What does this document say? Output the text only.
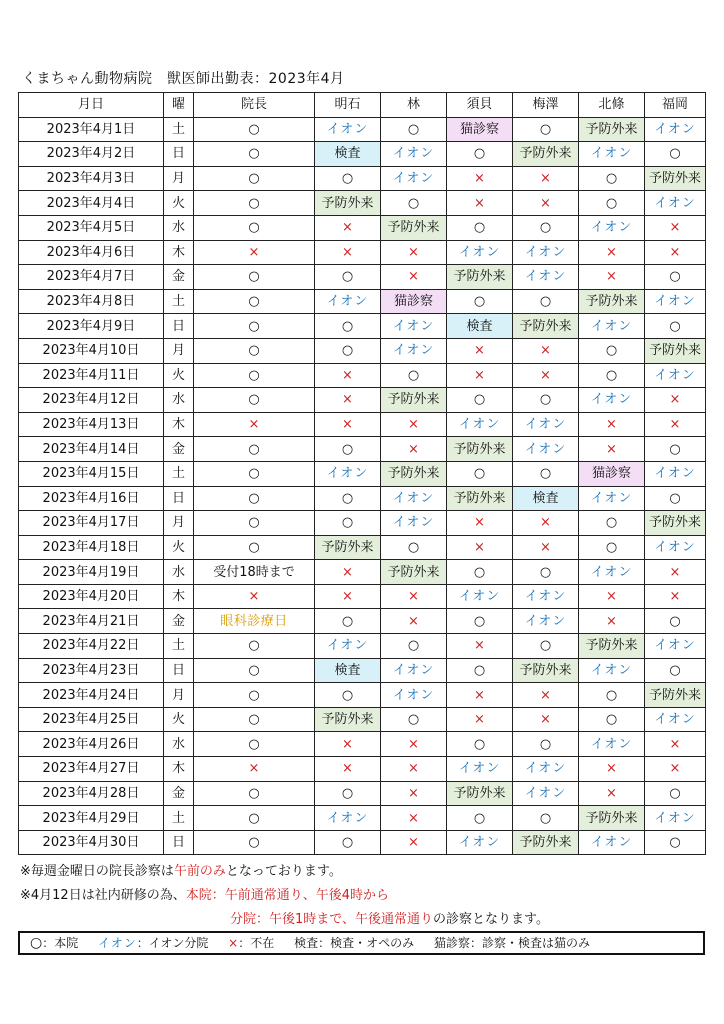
くまちゃん動物病院　獣医師出勤表：2023年4月
月日	曜	院長	明石	林	須貝	梅澤	北條	福岡
2023年4月1日	土	○	イオン	○	猫診察	○	予防外来	イオン
2023年4月2日	日	○	検査	イオン	○	予防外来	イオン	○
2023年4月3日	月	○	○	イオン	×	×	○	予防外来
2023年4月4日	火	○	予防外来	○	×	×	○	イオン
2023年4月5日	水	○	×	予防外来	○	○	イオン	×
2023年4月6日	木	×	×	×	イオン	イオン	×	×
2023年4月7日	金	○	○	×	予防外来	イオン	×	○
2023年4月8日	土	○	イオン	猫診察	○	○	予防外来	イオン
2023年4月9日	日	○	○	イオン	検査	予防外来	イオン	○
2023年4月10日	月	○	○	イオン	×	×	○	予防外来
2023年4月11日	火	○	×	○	×	×	○	イオン
2023年4月12日	水	○	×	予防外来	○	○	イオン	×
2023年4月13日	木	×	×	×	イオン	イオン	×	×
2023年4月14日	金	○	○	×	予防外来	イオン	×	○
2023年4月15日	土	○	イオン	予防外来	○	○	猫診察	イオン
2023年4月16日	日	○	○	イオン	予防外来	検査	イオン	○
2023年4月17日	月	○	○	イオン	×	×	○	予防外来
2023年4月18日	火	○	予防外来	○	×	×	○	イオン
2023年4月19日	水	受付18時まで	×	予防外来	○	○	イオン	×
2023年4月20日	木	×	×	×	イオン	イオン	×	×
2023年4月21日	金	眼科診療日	○	×	○	イオン	×	○
2023年4月22日	土	○	イオン	○	×	○	予防外来	イオン
2023年4月23日	日	○	検査	イオン	○	予防外来	イオン	○
2023年4月24日	月	○	○	イオン	×	×	○	予防外来
2023年4月25日	火	○	予防外来	○	×	×	○	イオン
2023年4月26日	水	○	×	×	○	○	イオン	×
2023年4月27日	木	×	×	×	イオン	イオン	×	×
2023年4月28日	金	○	○	×	予防外来	イオン	×	○
2023年4月29日	土	○	イオン	×	○	○	予防外来	イオン
2023年4月30日	日	○	○	×	イオン	予防外来	イオン	○
※毎週金曜日の院長診察は午前のみとなっております。
※4月12日は社内研修の為、本院：午前通常通り、午後4時から
分院：午後1時まで、午後通常通りの診察となります。
○：本院 イオン：イオン分院 ×：不在 検査：検査・オペのみ 猫診察：診察・検査は猫のみ
